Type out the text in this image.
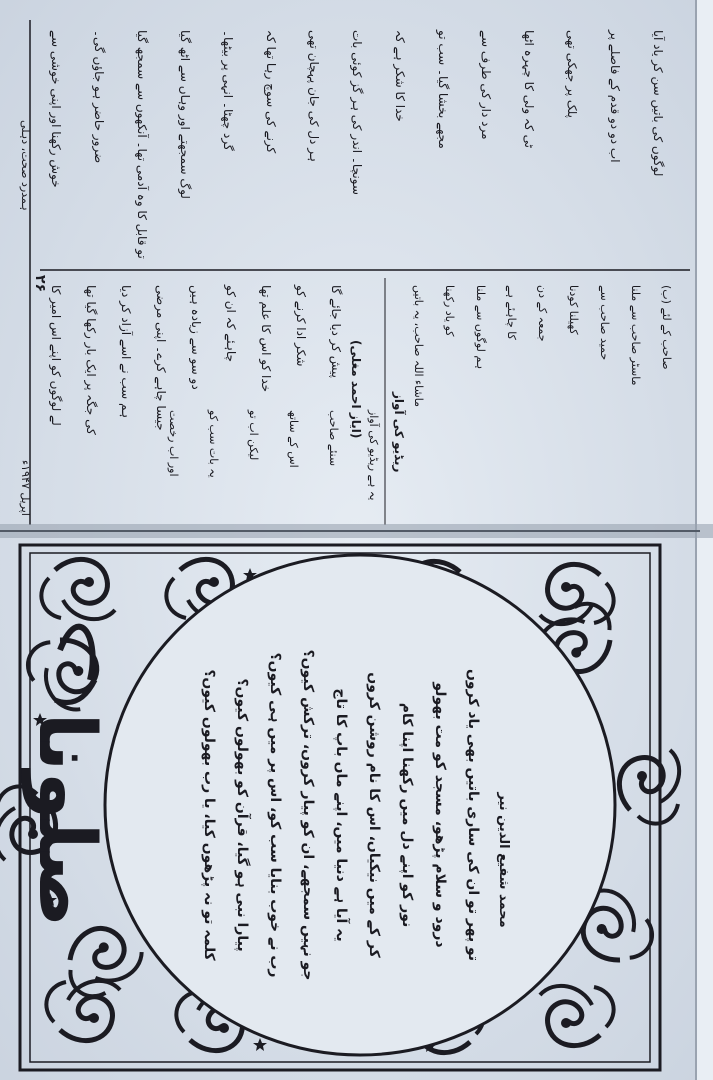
اپریل ۱۹۴۷ء
ہمدرد صحت، دہلی
۲۶
خوش رکھنا اور اپنی خوشی سے ضرور حاضر ہو جاؤں گی۔ تو قابل کا وہ آدمی تھا۔ آنکھوں سے سمجھ گیا لوگ سمجھتے اور وہاں سے اٹھ گیا گرد چھٹا۔ انہی پر بیٹھا۔ کرنے کی سوچ رہا تھا کہ ہر دل کی جان پہچان تھی سونچا۔ اندر کی ہر گز کوئی بات خدا کا شکر ہے کہ مجھے بخشا گیا۔ سب تو مرد دار کی طرف سے ٹی کہ ولی کا چہرہ اٹھا پلک پر جھکی تھی اب دو دو قدم کے فاصلے پر لوگوں کی باتیں سن کر یاد آیا
لے لوگوں کو اپنے اس امیر کا کی جگہ پر ایک بار رکھا گیا تھا ہم سب نے اسے آزاد کر دیا جیسا چاہے کرے۔ اپنی مرضی دو سو سے زیادہ ہیں چاہئے کہ ان کو خدا کو اس کا علم تھا شکر ادا کرنے کو پیش کر دیا جائے گا	ماشاء اللہ صاحب، یہ باتیں کو یاد رکھنا ہم لوگوں سے ملنا کا چاہئے ہے جمعہ کے دن کھیلنا کودنا حمید صاحب سے ماسٹر صاحب سے ملنا (ب) صاحب کے لئے
یہ ہے ریڈیو کی آواز
سنئے صاحب
اس کے ساتھ
لیکن اب تو
یہ بات سب کو
اور اب رخصت
(ایاز احمد مغلی) ریڈیو کی آواز
صلونا	کلمہ تو نہ پڑھوں کیا، یا رب بھولوں کیوں؟ پیارا نبی ہو گیا، قرآن کو بھولوں کیوں؟ رب نے خوب بنایا سب کو، اس پر میں ہی کیوں؟ جو نہیں سمجھے، ان کو پیار کروں، ترکش کیوں؟ یہ آیا ہے دنیا میں، اپنے ماں باپ کا تاج کر کے میں نیکیاں، اس کا نام روشن کروں نور کو اپنے دل میں رکھنا اپنا کام درود و سلام پڑھو، مسجد کو مت بھولو تو پھر تو ان کی ساری باتیں بھی یاد کروں محمد شفیع الدین نیر
